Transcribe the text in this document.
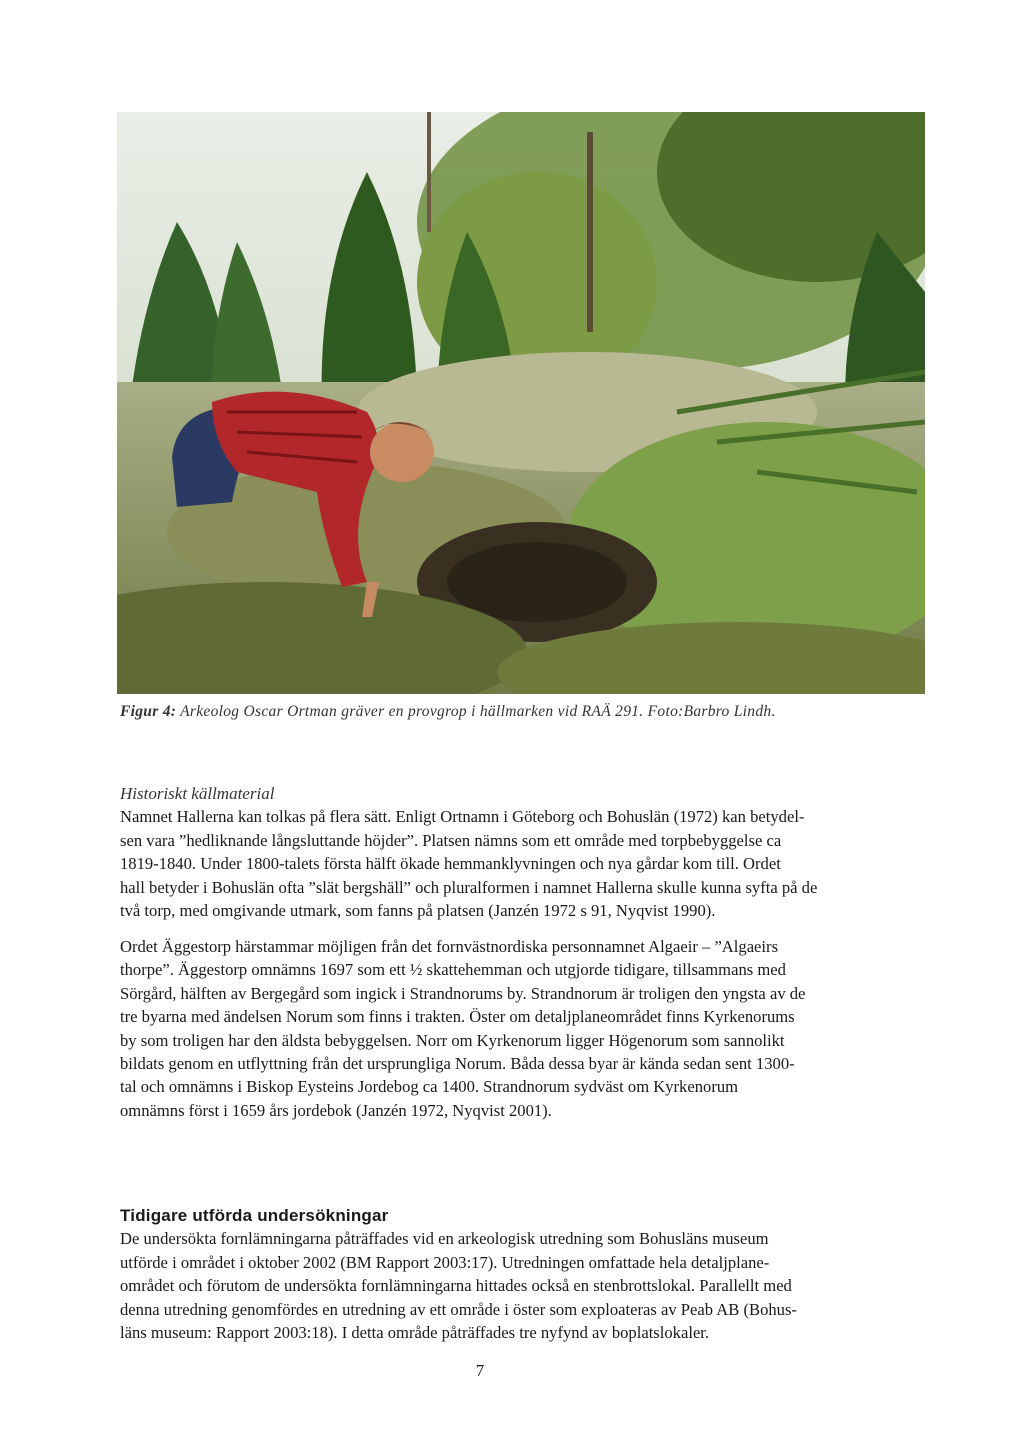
Figur 4: Arkeolog Oscar Ortman gräver en provgrop i hällmarken vid RAÄ 291. Foto:Barbro Lindh.
Historiskt källmaterial
Namnet Hallerna kan tolkas på flera sätt. Enligt Ortnamn i Göteborg och Bohuslän (1972) kan betydel-
sen vara ”hedliknande långsluttande höjder”. Platsen nämns som ett område med torpbebyggelse ca
1819-1840. Under 1800-talets första hälft ökade hemmanklyvningen och nya gårdar kom till. Ordet
hall betyder i Bohuslän ofta ”slät bergshäll” och pluralformen i namnet Hallerna skulle kunna syfta på de
två torp, med omgivande utmark, som fanns på platsen (Janzén 1972 s 91, Nyqvist 1990).
Ordet Äggestorp härstammar möjligen från det fornvästnordiska personnamnet Algaeir – ”Algaeirs
thorpe”. Äggestorp omnämns 1697 som ett ½ skattehemman och utgjorde tidigare, tillsammans med
Sörgård, hälften av Bergegård som ingick i Strandnorums by. Strandnorum är troligen den yngsta av de
tre byarna med ändelsen Norum som finns i trakten. Öster om detaljplaneområdet finns Kyrkenorums
by som troligen har den äldsta bebyggelsen. Norr om Kyrkenorum ligger Högenorum som sannolikt
bildats genom en utflyttning från det ursprungliga Norum. Båda dessa byar är kända sedan sent 1300-
tal och omnämns i Biskop Eysteins Jordebog ca 1400. Strandnorum sydväst om Kyrkenorum
omnämns först i 1659 års jordebok (Janzén 1972, Nyqvist 2001).
Tidigare utförda undersökningar
De undersökta fornlämningarna påträffades vid en arkeologisk utredning som Bohusläns museum
utförde i området i oktober 2002 (BM Rapport 2003:17). Utredningen omfattade hela detaljplane-
området och förutom de undersökta fornlämningarna hittades också en stenbrottslokal. Parallellt med
denna utredning genomfördes en utredning av ett område i öster som exploateras av Peab AB (Bohus-
läns museum: Rapport 2003:18). I detta område påträffades tre nyfynd av boplatslokaler.
7
